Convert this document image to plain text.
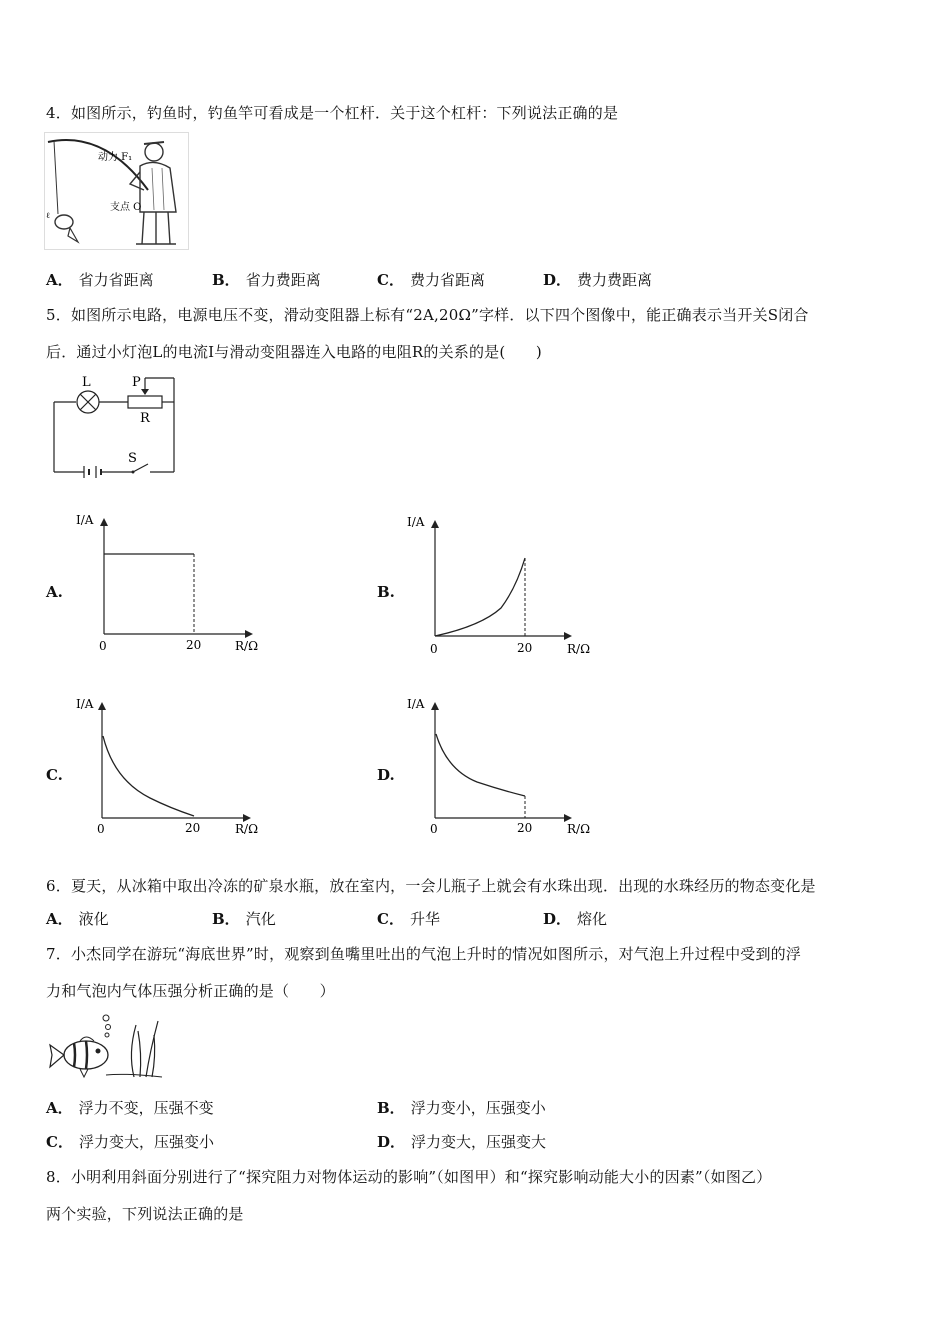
4．如图所示，钓鱼时，钓鱼竿可看成是一个杠杆．关于这个杠杆：下列说法正确的是
动力 F₁
支点 O
ℓ
A． 省力省距离	B． 省力费距离	C． 费力省距离	D． 费力费距离
5．如图所示电路，电源电压不变，滑动变阻器上标有“2A,20Ω”字样．以下四个图像中，能正确表示当开关S闭合
后．通过小灯泡L的电流I与滑动变阻器连入电路的电阻R的关系的是(　　)
L
R
P
S
A.
I/A
R/Ω
0	20
B.
I/A
R/Ω
0	20
C.
I/A
R/Ω
0	20
D.
I/A
R/Ω
0	20
6．夏天，从冰箱中取出冷冻的矿泉水瓶，放在室内，一会儿瓶子上就会有水珠出现．出现的水珠经历的物态变化是
A． 液化	B． 汽化	C． 升华	D． 熔化
7．小杰同学在游玩“海底世界”时，观察到鱼嘴里吐出的气泡上升时的情况如图所示，对气泡上升过程中受到的浮
力和气泡内气体压强分析正确的是（　　）
A． 浮力不变，压强不变	B． 浮力变小，压强变小
C． 浮力变大，压强变小	D． 浮力变大，压强变大
8．小明利用斜面分别进行了“探究阻力对物体运动的影响”（如图甲）和“探究影响动能大小的因素”（如图乙）
两个实验，下列说法正确的是
